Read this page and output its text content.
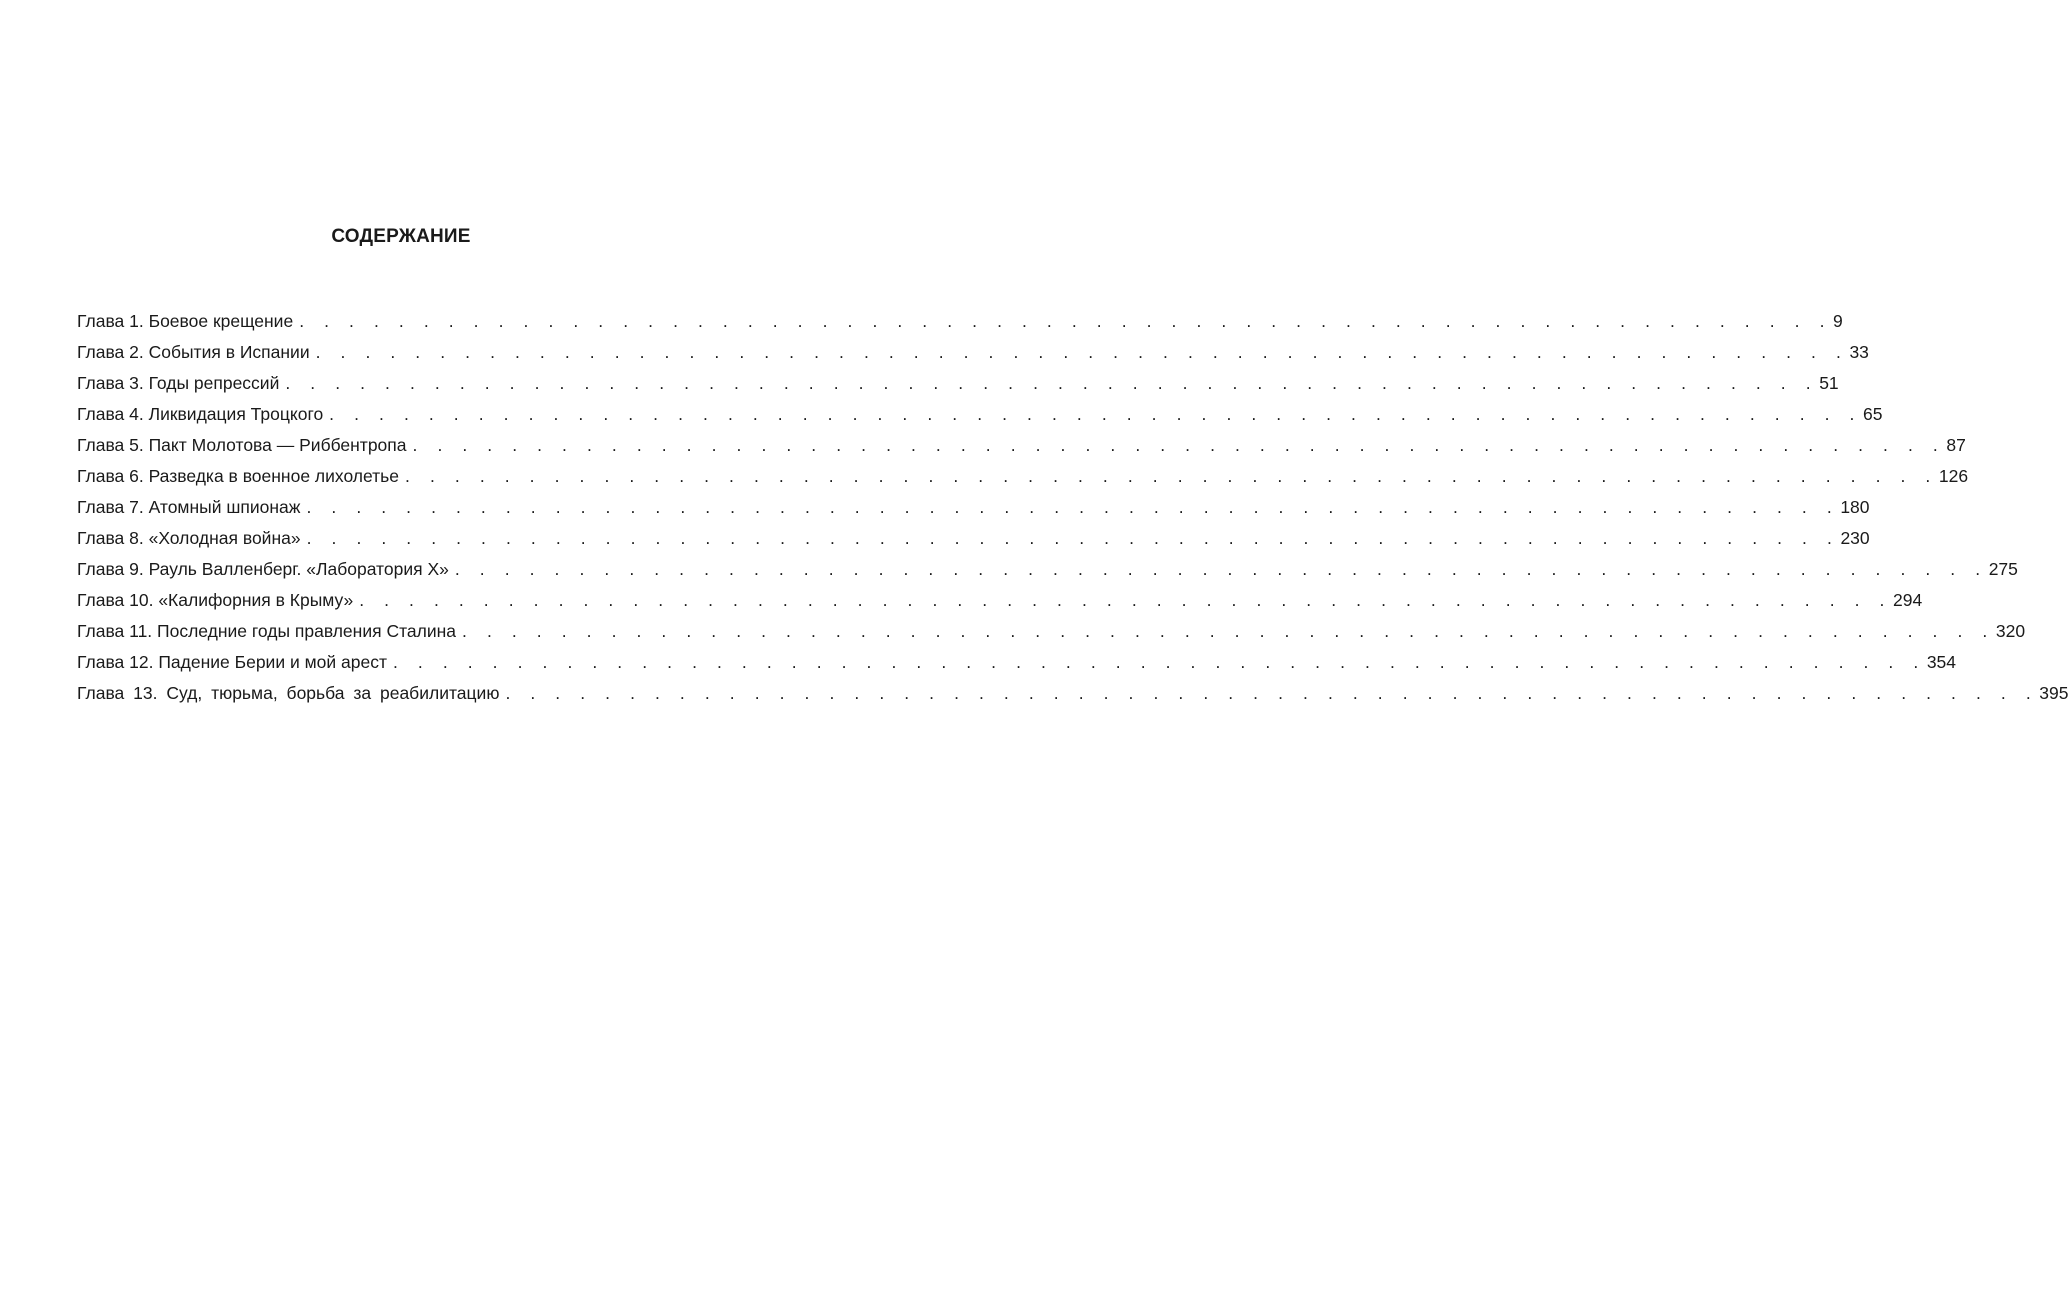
СОДЕРЖАНИЕ
Глава 1. Боевое крещение . . . . . . . . . . . . . . . . . . . . . . . . . . . . . . . . . . . . . . . . . . . . . . . . . . . . . . . . . . . . . . 9
Глава 2. События в Испании . . . . . . . . . . . . . . . . . . . . . . . . . . . . . . . . . . . . . . . . . . . . . . . . . . . . . . . . . . . . . . 33
Глава 3. Годы репрессий . . . . . . . . . . . . . . . . . . . . . . . . . . . . . . . . . . . . . . . . . . . . . . . . . . . . . . . . . . . . . . 51
Глава 4. Ликвидация Троцкого . . . . . . . . . . . . . . . . . . . . . . . . . . . . . . . . . . . . . . . . . . . . . . . . . . . . . . . . . . . . . . 65
Глава 5. Пакт Молотова — Риббентропа . . . . . . . . . . . . . . . . . . . . . . . . . . . . . . . . . . . . . . . . . . . . . . . . . . . . . . . . . . . . . . 87
Глава 6. Разведка в военное лихолетье . . . . . . . . . . . . . . . . . . . . . . . . . . . . . . . . . . . . . . . . . . . . . . . . . . . . . . . . . . . . . . 126
Глава 7. Атомный шпионаж . . . . . . . . . . . . . . . . . . . . . . . . . . . . . . . . . . . . . . . . . . . . . . . . . . . . . . . . . . . . . . 180
Глава 8. «Холодная война» . . . . . . . . . . . . . . . . . . . . . . . . . . . . . . . . . . . . . . . . . . . . . . . . . . . . . . . . . . . . . . 230
Глава 9. Рауль Валленберг. «Лаборатория X» . . . . . . . . . . . . . . . . . . . . . . . . . . . . . . . . . . . . . . . . . . . . . . . . . . . . . . . . . . . . . . 275
Глава 10. «Калифорния в Крыму» . . . . . . . . . . . . . . . . . . . . . . . . . . . . . . . . . . . . . . . . . . . . . . . . . . . . . . . . . . . . . . 294
Глава 11. Последние годы правления Сталина . . . . . . . . . . . . . . . . . . . . . . . . . . . . . . . . . . . . . . . . . . . . . . . . . . . . . . . . . . . . . . 320
Глава 12. Падение Берии и мой арест . . . . . . . . . . . . . . . . . . . . . . . . . . . . . . . . . . . . . . . . . . . . . . . . . . . . . . . . . . . . . . 354
Глава 13. Суд, тюрьма, борьба за реабилитацию . . . . . . . . . . . . . . . . . . . . . . . . . . . . . . . . . . . . . . . . . . . . . . . . . . . . . . . . . . . . . . 395
